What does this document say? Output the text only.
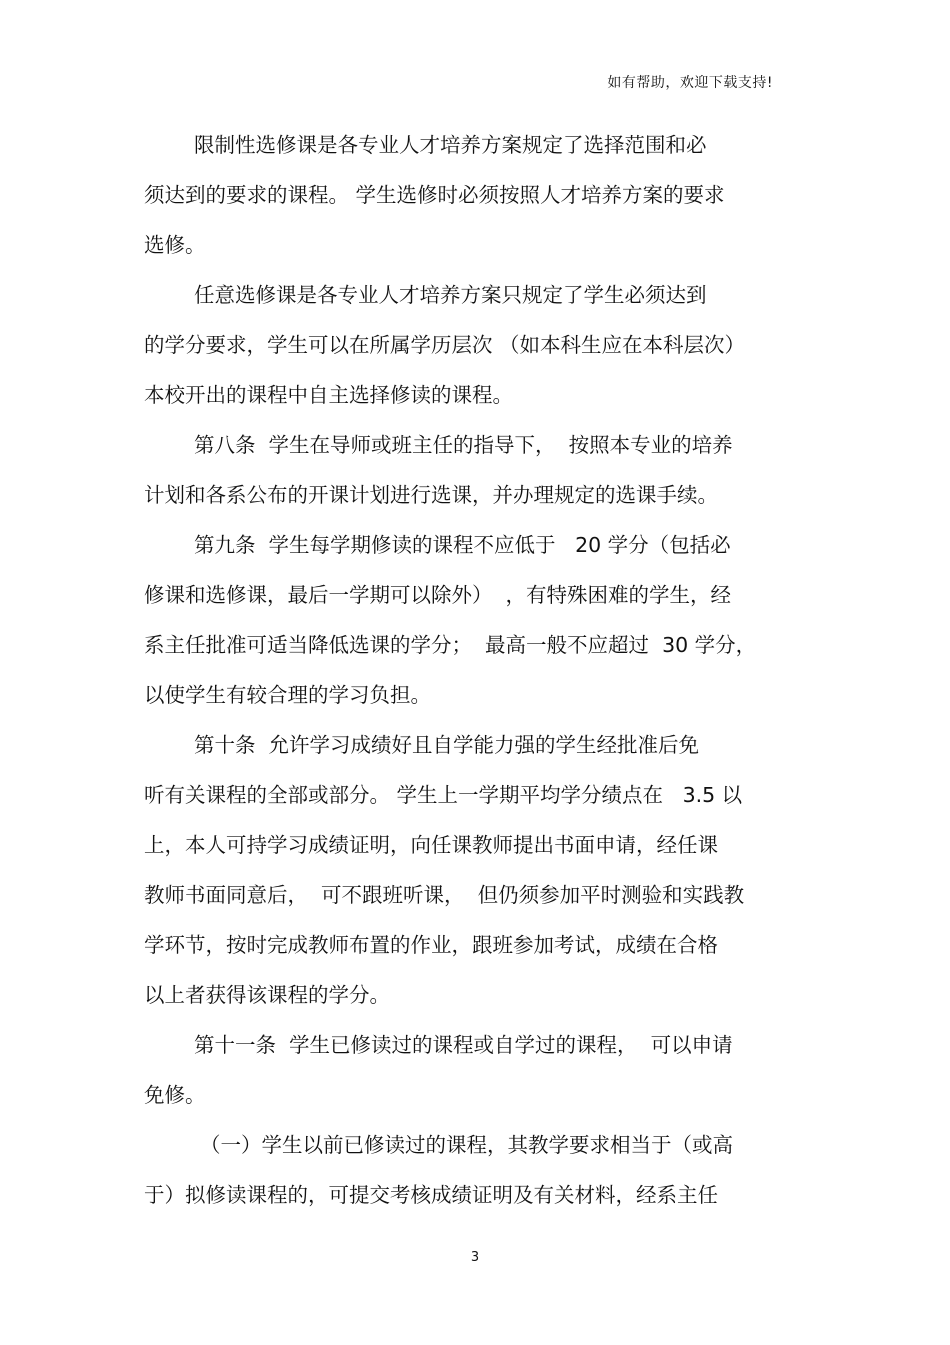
如有帮助，欢迎下载支持!
限制性选修课是各专业人才培养方案规定了选择范围和必
须达到的要求的课程。 学生选修时必须按照人才培养方案的要求
选修。
任意选修课是各专业人才培养方案只规定了学生必须达到
的学分要求，学生可以在所属学历层次 （如本科生应在本科层次）
本校开出的课程中自主选择修读的课程。
第八条  学生在导师或班主任的指导下，  按照本专业的培养
计划和各系公布的开课计划进行选课，并办理规定的选课手续。
第九条  学生每学期修读的课程不应低于   20 学分（包括必
修课和选修课，最后一学期可以除外）  ，有特殊困难的学生，经
系主任批准可适当降低选课的学分；  最高一般不应超过  30 学分，
以使学生有较合理的学习负担。
第十条  允许学习成绩好且自学能力强的学生经批准后免
听有关课程的全部或部分。 学生上一学期平均学分绩点在   3.5 以
上，本人可持学习成绩证明，向任课教师提出书面申请，经任课
教师书面同意后，  可不跟班听课，  但仍须参加平时测验和实践教
学环节，按时完成教师布置的作业，跟班参加考试，成绩在合格
以上者获得该课程的学分。
第十一条  学生已修读过的课程或自学过的课程，  可以申请
免修。
（一）学生以前已修读过的课程，其教学要求相当于（或高
于）拟修读课程的，可提交考核成绩证明及有关材料，经系主任
3
